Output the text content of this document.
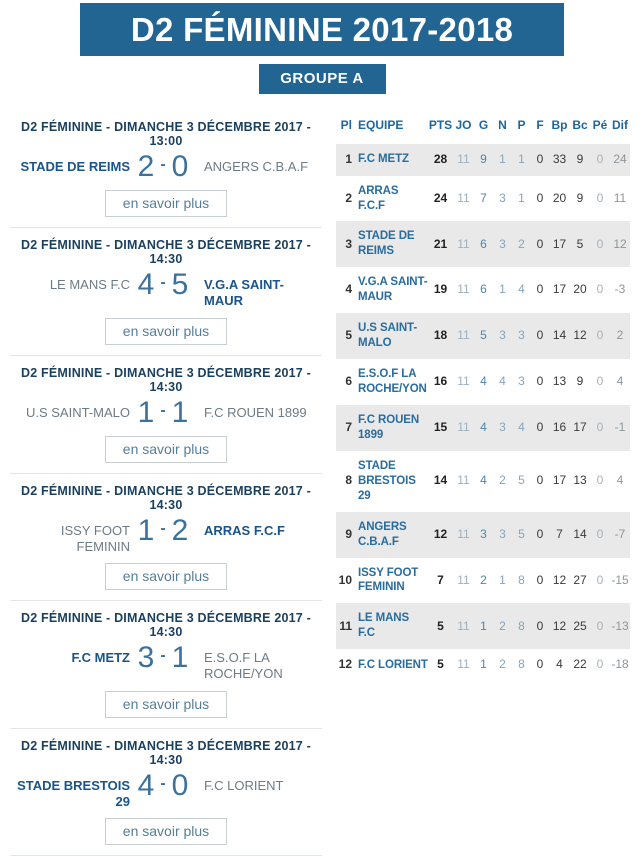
D2 FÉMININE 2017-2018
GROUPE A
D2 FÉMININE - DIMANCHE 3 DÉCEMBRE 2017 - 13:00
STADE DE REIMS 2 - 0	ANGERS C.B.A.F
en savoir plus
D2 FÉMININE - DIMANCHE 3 DÉCEMBRE 2017 - 14:30
LE MANS F.C 4 - 5	V.G.A SAINT-MAUR
en savoir plus
D2 FÉMININE - DIMANCHE 3 DÉCEMBRE 2017 - 14:30
U.S SAINT-MALO 1 - 1	F.C ROUEN 1899
en savoir plus
D2 FÉMININE - DIMANCHE 3 DÉCEMBRE 2017 - 14:30
ISSY FOOT FEMININ 1 - 2	ARRAS F.C.F
en savoir plus
D2 FÉMININE - DIMANCHE 3 DÉCEMBRE 2017 - 14:30
F.C METZ 3 - 1	E.S.O.F LA ROCHE/YON
en savoir plus
D2 FÉMININE - DIMANCHE 3 DÉCEMBRE 2017 - 14:30
STADE BRESTOIS 29 4 - 0	F.C LORIENT
en savoir plus
Pl	EQUIPE	PTS	JO	G	N	P	F	Bp	Bc	Pé	Dif
1	F.C METZ	28	11	9	1	1	0	33	9	0	24
2	ARRAS F.C.F	24	11	7	3	1	0	20	9	0	11
3	STADE DE REIMS	21	11	6	3	2	0	17	5	0	12
4	V.G.A SAINT-MAUR	19	11	6	1	4	0	17	20	0	-3
5	U.S SAINT-MALO	18	11	5	3	3	0	14	12	0	2
6	E.S.O.F LA ROCHE/YON	16	11	4	4	3	0	13	9	0	4
7	F.C ROUEN 1899	15	11	4	3	4	0	16	17	0	-1
8	STADE BRESTOIS 29	14	11	4	2	5	0	17	13	0	4
9	ANGERS C.B.A.F	12	11	3	3	5	0	7	14	0	-7
10	ISSY FOOT FEMININ	7	11	2	1	8	0	12	27	0	-15
11	LE MANS F.C	5	11	1	2	8	0	12	25	0	-13
12	F.C LORIENT	5	11	1	2	8	0	4	22	0	-18
